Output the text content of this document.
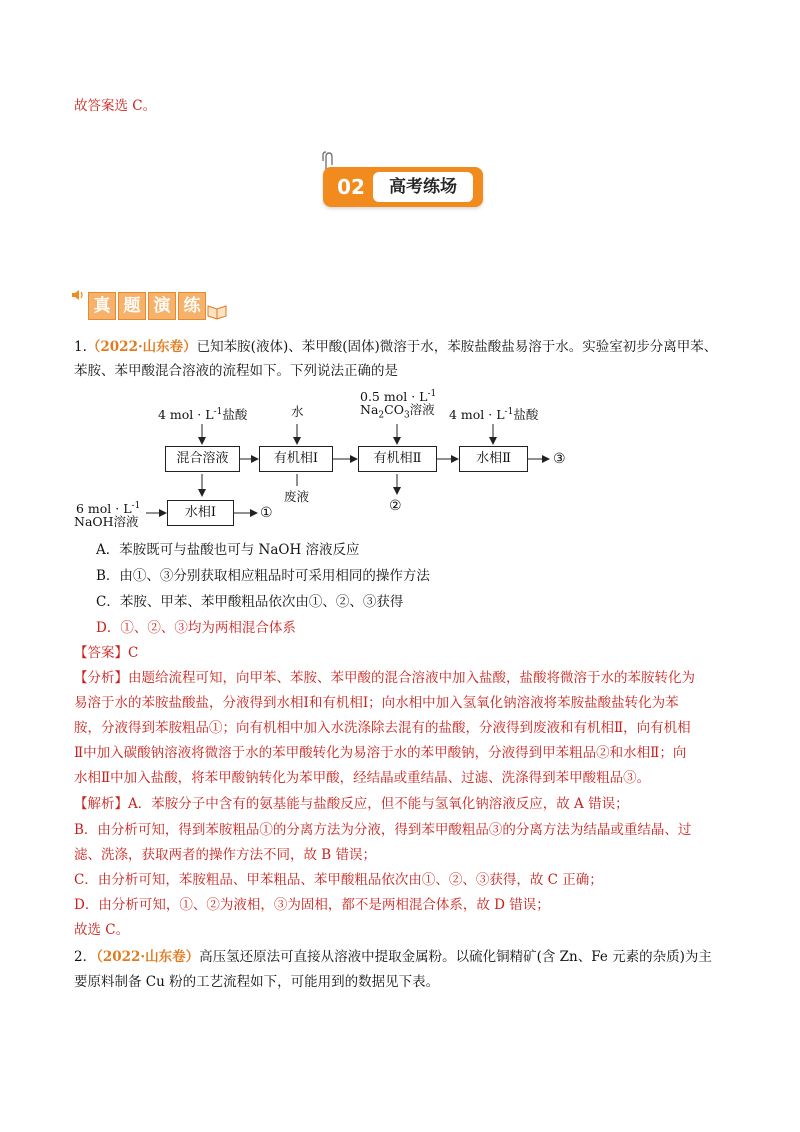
故答案选 C。
02	高考练场
真 题 演 练
1.（2022·山东卷）已知苯胺(液体)、苯甲酸(固体)微溶于水，苯胺盐酸盐易溶于水。实验室初步分离甲苯、
苯胺、苯甲酸混合溶液的流程如下。下列说法正确的是
4 mol · $L^{-1}$盐酸	水
0.5 mol · $L^{-1}$
$Na_2CO_3$溶液 4 mol · $L^{-1}$盐酸
混合溶液	有机相Ⅰ	有机相Ⅱ	水相Ⅱ
水相Ⅰ
③
废液
②
①
6 mol · $L^{-1}$
NaOH溶液
A．苯胺既可与盐酸也可与 NaOH 溶液反应
B．由①、③分别获取相应粗品时可采用相同的操作方法
C．苯胺、甲苯、苯甲酸粗品依次由①、②、③获得
D．①、②、③均为两相混合体系
【答案】C
【分析】由题给流程可知，向甲苯、苯胺、苯甲酸的混合溶液中加入盐酸，盐酸将微溶于水的苯胺转化为
易溶于水的苯胺盐酸盐，分液得到水相Ⅰ和有机相Ⅰ；向水相中加入氢氧化钠溶液将苯胺盐酸盐转化为苯
胺，分液得到苯胺粗品①；向有机相中加入水洗涤除去混有的盐酸，分液得到废液和有机相Ⅱ，向有机相
Ⅱ中加入碳酸钠溶液将微溶于水的苯甲酸转化为易溶于水的苯甲酸钠，分液得到甲苯粗品②和水相Ⅱ；向
水相Ⅱ中加入盐酸，将苯甲酸钠转化为苯甲酸，经结晶或重结晶、过滤、洗涤得到苯甲酸粗品③。
【解析】A．苯胺分子中含有的氨基能与盐酸反应，但不能与氢氧化钠溶液反应，故 A 错误；
B．由分析可知，得到苯胺粗品①的分离方法为分液，得到苯甲酸粗品③的分离方法为结晶或重结晶、过
滤、洗涤，获取两者的操作方法不同，故 B 错误；
C．由分析可知，苯胺粗品、甲苯粗品、苯甲酸粗品依次由①、②、③获得，故 C 正确；
D．由分析可知，①、②为液相，③为固相，都不是两相混合体系，故 D 错误；
故选 C。
2．（2022·山东卷）高压氢还原法可直接从溶液中提取金属粉。以硫化铜精矿(含 Zn、Fe 元素的杂质)为主
要原料制备 Cu 粉的工艺流程如下，可能用到的数据见下表。
